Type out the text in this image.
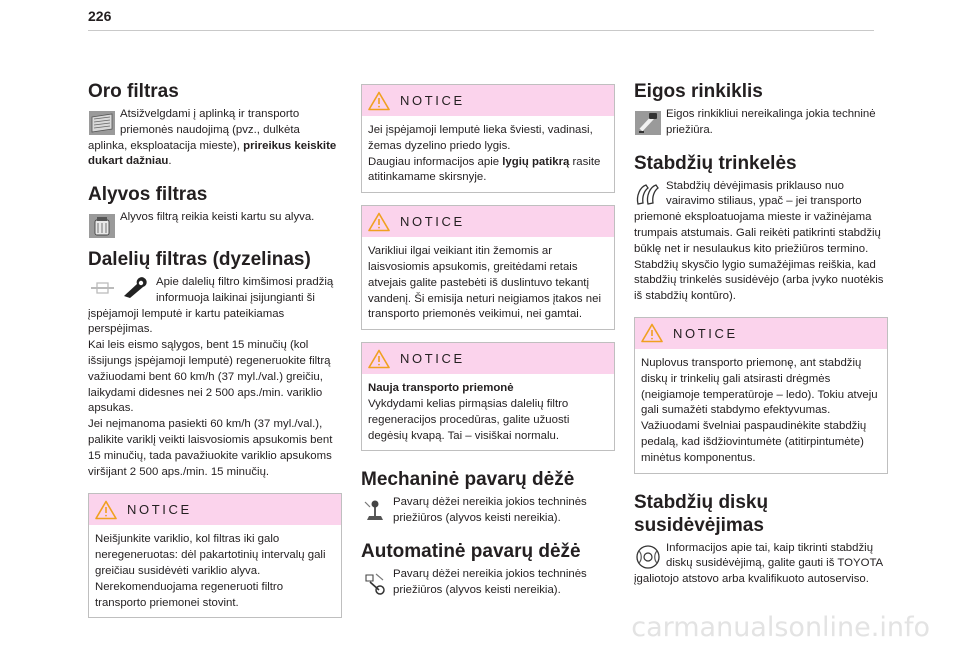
226
Oro filtras
Atsižvelgdami į aplinką ir transporto priemonės naudojimą (pvz., dulkėta aplinka, eksploatacija mieste), prireikus keiskite dukart dažniau.
Alyvos filtras
Alyvos filtrą reikia keisti kartu su alyva.
Dalelių filtras (dyzelinas)
Apie dalelių filtro kimšimosi pradžią informuoja laikinai įsijungianti ši įspėjamoji lemputė ir kartu pateikiamas perspėjimas.
Kai leis eismo sąlygos, bent 15 minučių (kol išsijungs įspėjamoji lemputė) regeneruokite filtrą važiuodami bent 60 km/h (37 myl./val.) greičiu, laikydami didesnes nei 2 500 aps./min. variklio apsukas.
Jei neįmanoma pasiekti 60 km/h (37 myl./val.), palikite variklį veikti laisvosiomis apsukomis bent 15 minučių, tada pavažiuokite variklio apsukoms viršijant 2 500 aps./min. 15 minučių.
NOTICE
Neišjunkite variklio, kol filtras iki galo neregeneruotas: dėl pakartotinių intervalų gali greičiau susidėvėti variklio alyva.
Nerekomenduojama regeneruoti filtro transporto priemonei stovint.
NOTICE
Jei įspėjamoji lemputė lieka šviesti, vadinasi, žemas dyzelino priedo lygis.
Daugiau informacijos apie lygių patikrą rasite atitinkamame skirsnyje.
NOTICE
Varikliui ilgai veikiant itin žemomis ar laisvosiomis apsukomis, greitėdami retais atvejais galite pastebėti iš duslintuvo tekantį vandenį. Ši emisija neturi neigiamos įtakos nei transporto priemonės veikimui, nei gamtai.
NOTICE
Nauja transporto priemonė
Vykdydami kelias pirmąsias dalelių filtro regeneracijos procedūras, galite užuosti degėsių kvapą. Tai – visiškai normalu.
Mechaninė pavarų dėžė
Pavarų dėžei nereikia jokios techninės priežiūros (alyvos keisti nereikia).
Automatinė pavarų dėžė
Pavarų dėžei nereikia jokios techninės priežiūros (alyvos keisti nereikia).
Eigos rinkiklis
Eigos rinkikliui nereikalinga jokia techninė priežiūra.
Stabdžių trinkelės
Stabdžių dėvėjimasis priklauso nuo vairavimo stiliaus, ypač – jei transporto priemonė eksploatuojama mieste ir važinėjama trumpais atstumais. Gali reikėti patikrinti stabdžių būklę net ir nesulaukus kito priežiūros termino.
Stabdžių skysčio lygio sumažėjimas reiškia, kad stabdžių trinkelės susidėvėjo (arba įvyko nuotėkis iš stabdžių kontūro).
NOTICE
Nuplovus transporto priemonę, ant stabdžių diskų ir trinkelių gali atsirasti drėgmės (neigiamoje temperatūroje – ledo). Tokiu atveju gali sumažėti stabdymo efektyvumas.
Važiuodami švelniai paspaudinėkite stabdžių pedalą, kad išdžiovintumėte (atitirpintumėte) minėtus komponentus.
Stabdžių diskų susidėvėjimas
Informacijos apie tai, kaip tikrinti stabdžių diskų susidėvėjimą, galite gauti iš TOYOTA įgaliotojo atstovo arba kvalifikuoto autoserviso.
carmanualsonline.info
